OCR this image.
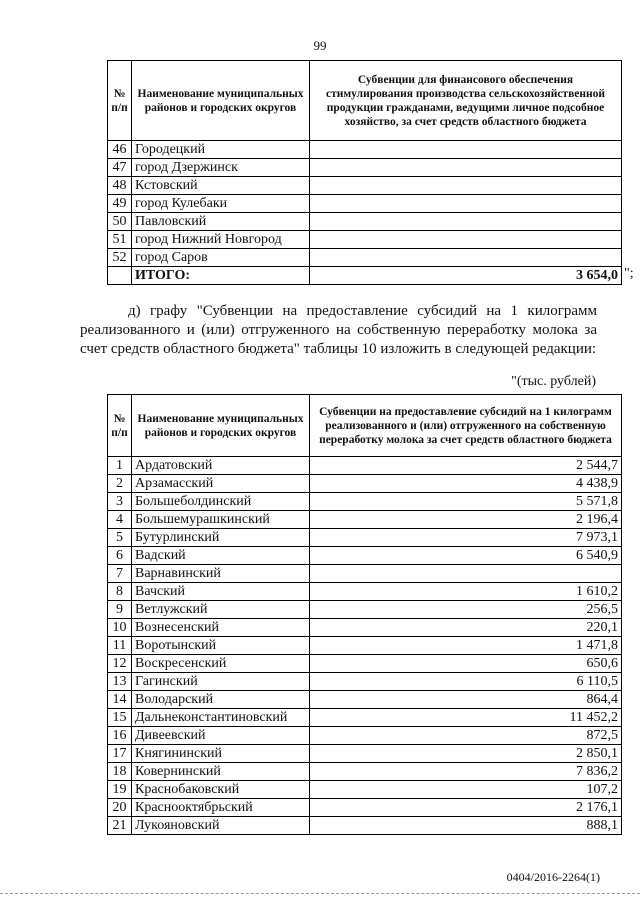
99
№ п/п	Наименование муниципальных районов и городских округов	Субвенции для финансового обеспечения стимулирования производства сельскохозяйственной продукции гражданами, ведущими личное подсобное хозяйство, за счет средств областного бюджета
46	Городецкий	
47	город Дзержинск	
48	Кстовский	
49	город Кулебаки	
50	Павловский	
51	город Нижний Новгород	
52	город Саров	
	ИТОГО:	3 654,0 ";
д) графу "Субвенции на предоставление субсидий на 1 килограмм реализованного и (или) отгруженного на собственную переработку молока за счет средств областного бюджета" таблицы 10 изложить в следующей редакции:
"(тыс. рублей)
№ п/п	Наименование муниципальных районов и городских округов	Субвенции на предоставление субсидий на 1 килограмм реализованного и (или) отгруженного на собственную переработку молока за счет средств областного бюджета
1	Ардатовский	2 544,7
2	Арзамасский	4 438,9
3	Большеболдинский	5 571,8
4	Большемурашкинский	2 196,4
5	Бутурлинский	7 973,1
6	Вадский	6 540,9
7	Варнавинский	
8	Вачский	1 610,2
9	Ветлужский	256,5
10	Вознесенский	220,1
11	Воротынский	1 471,8
12	Воскресенский	650,6
13	Гагинский	6 110,5
14	Володарский	864,4
15	Дальнеконстантиновский	11 452,2
16	Дивеевский	872,5
17	Княгининский	2 850,1
18	Ковернинский	7 836,2
19	Краснобаковский	107,2
20	Краснооктябрьский	2 176,1
21	Лукояновский	888,1
0404/2016-2264(1)
